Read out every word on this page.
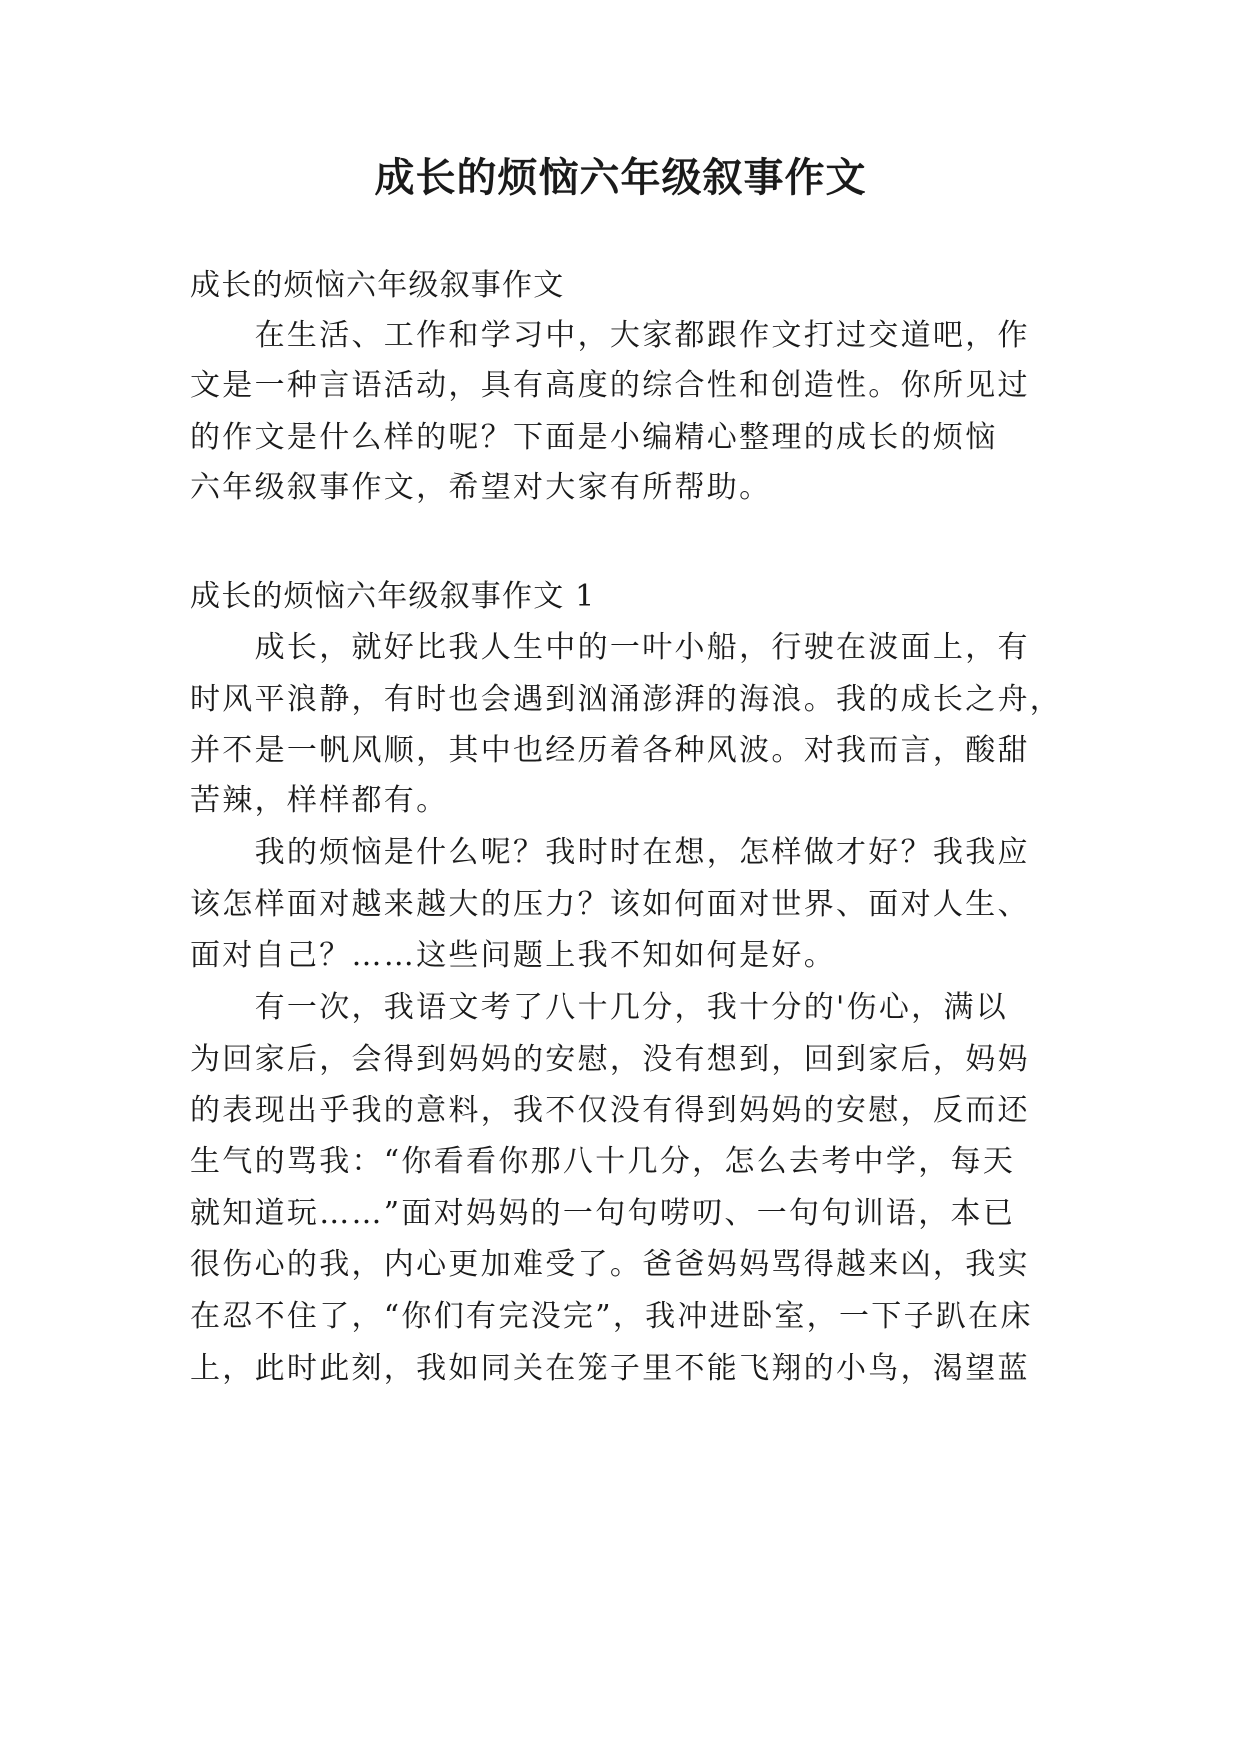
成长的烦恼六年级叙事作文
成长的烦恼六年级叙事作文
　　在生活、工作和学习中，大家都跟作文打过交道吧，作
文是一种言语活动，具有高度的综合性和创造性。你所见过
的作文是什么样的呢？下面是小编精心整理的成长的烦恼
六年级叙事作文，希望对大家有所帮助。
成长的烦恼六年级叙事作文 1
　　成长，就好比我人生中的一叶小船，行驶在波面上，有
时风平浪静，有时也会遇到汹涌澎湃的海浪。我的成长之舟，
并不是一帆风顺，其中也经历着各种风波。对我而言，酸甜
苦辣，样样都有。
　　我的烦恼是什么呢？我时时在想，怎样做才好？我我应
该怎样面对越来越大的压力？该如何面对世界、面对人生、
面对自己？……这些问题上我不知如何是好。
　　有一次，我语文考了八十几分，我十分的'伤心，满以
为回家后，会得到妈妈的安慰，没有想到，回到家后，妈妈
的表现出乎我的意料，我不仅没有得到妈妈的安慰，反而还
生气的骂我：“你看看你那八十几分，怎么去考中学，每天
就知道玩……”面对妈妈的一句句唠叨、一句句训语，本已
很伤心的我，内心更加难受了。爸爸妈妈骂得越来凶，我实
在忍不住了，“你们有完没完”，我冲进卧室，一下子趴在床
上，此时此刻，我如同关在笼子里不能飞翔的小鸟，渴望蓝
